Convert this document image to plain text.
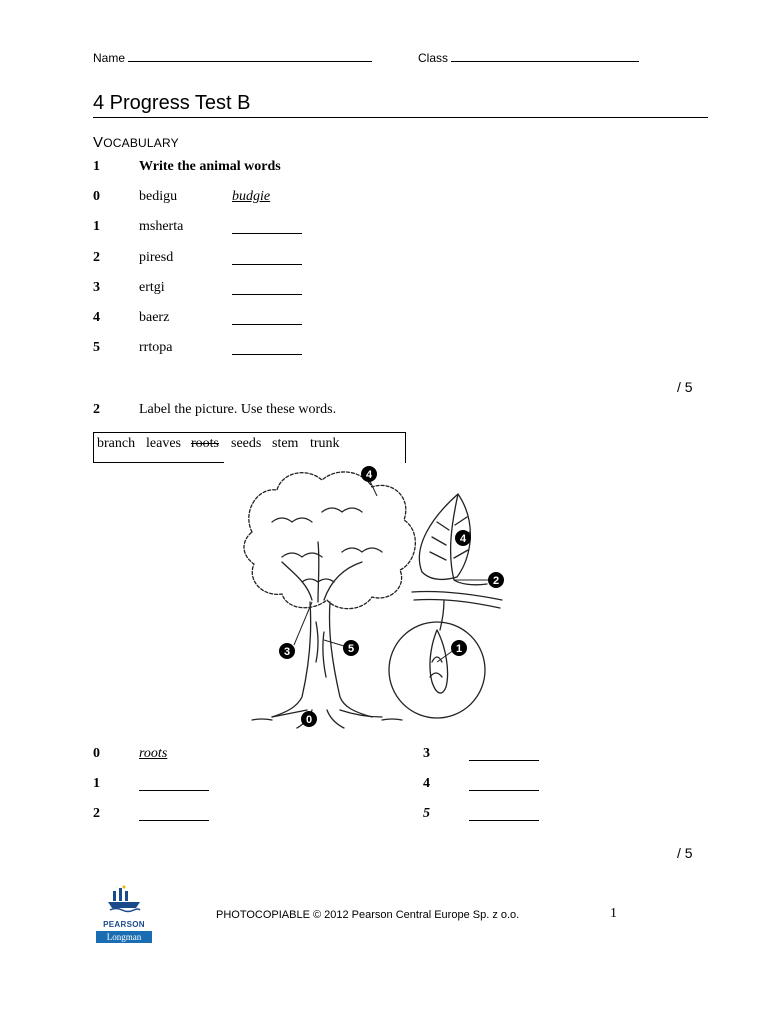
Name	Class
4 Progress Test B
VOCABULARY
1	Write the animal words
0	bedigu	budgie
1	msherta
2	piresd
3	ertgi
4	baerz
5	rrtopa
/ 5
2	Label the picture. Use these words.
branch leaves roots seeds stem trunk
4
4
2
1
3	5
0
0	roots
1
2
3
4
5
/ 5
PEARSON
Longman
PHOTOCOPIABLE © 2012 Pearson Central Europe Sp. z o.o.	1
